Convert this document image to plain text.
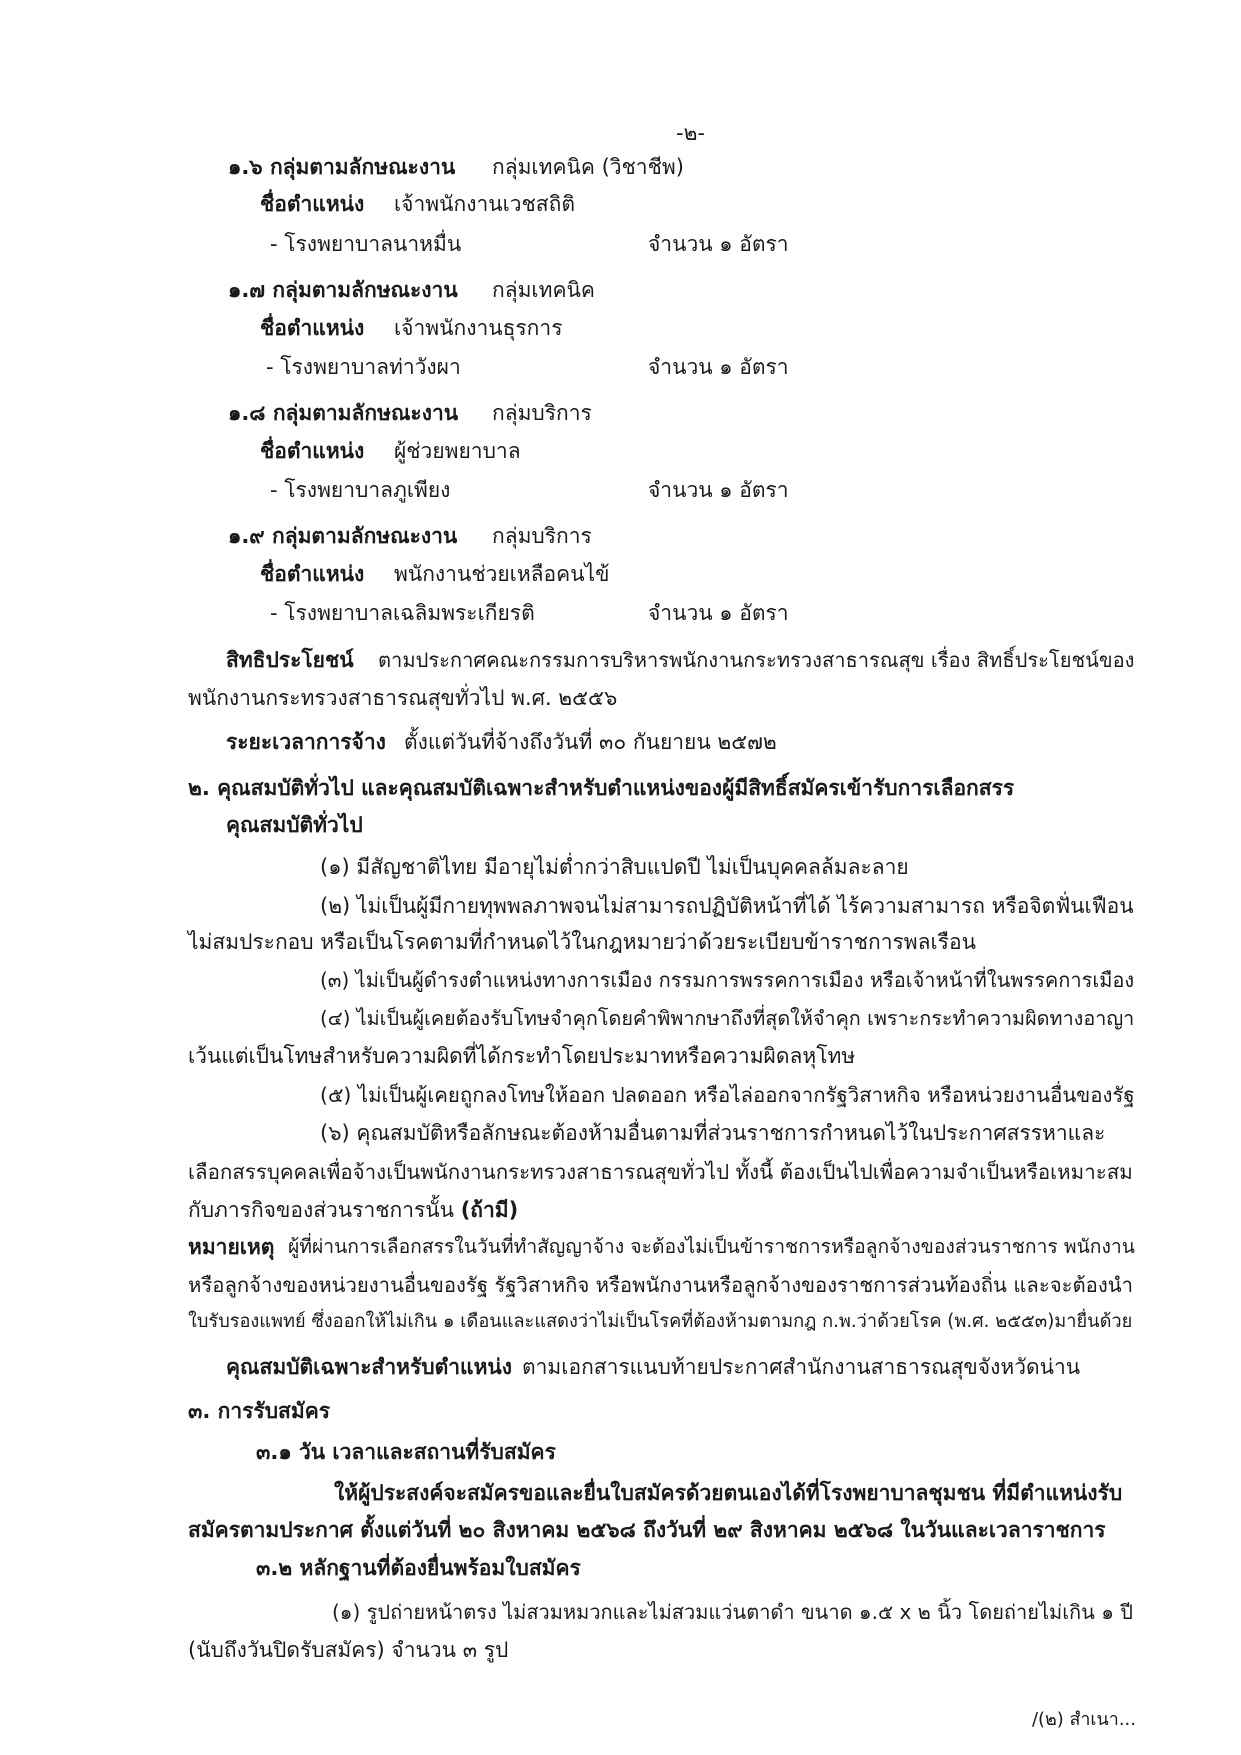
-๒-
๑.๖ กลุ่มตามลักษณะงาน กลุ่มเทคนิค (วิชาชีพ)
ชื่อตำแหน่ง เจ้าพนักงานเวชสถิติ
- โรงพยาบาลนาหมื่น	จำนวน ๑ อัตรา
๑.๗ กลุ่มตามลักษณะงาน กลุ่มเทคนิค
ชื่อตำแหน่ง เจ้าพนักงานธุรการ
- โรงพยาบาลท่าวังผา	จำนวน ๑ อัตรา
๑.๘ กลุ่มตามลักษณะงาน กลุ่มบริการ
ชื่อตำแหน่ง ผู้ช่วยพยาบาล
- โรงพยาบาลภูเพียง	จำนวน ๑ อัตรา
๑.๙ กลุ่มตามลักษณะงาน กลุ่มบริการ
ชื่อตำแหน่ง พนักงานช่วยเหลือคนไข้
- โรงพยาบาลเฉลิมพระเกียรติ	จำนวน ๑ อัตรา
สิทธิประโยชน์ ตามประกาศคณะกรรมการบริหารพนักงานกระทรวงสาธารณสุข เรื่อง สิทธิ์ประโยชน์ของ
พนักงานกระทรวงสาธารณสุขทั่วไป พ.ศ. ๒๕๕๖
ระยะเวลาการจ้าง ตั้งแต่วันที่จ้างถึงวันที่ ๓๐ กันยายน ๒๕๗๒
๒. คุณสมบัติทั่วไป และคุณสมบัติเฉพาะสำหรับตำแหน่งของผู้มีสิทธิ์สมัครเข้ารับการเลือกสรร
คุณสมบัติทั่วไป
(๑) มีสัญชาติไทย มีอายุไม่ต่ำกว่าสิบแปดปี ไม่เป็นบุคคลล้มละลาย
(๒) ไม่เป็นผู้มีกายทุพพลภาพจนไม่สามารถปฏิบัติหน้าที่ได้ ไร้ความสามารถ หรือจิตฟั่นเฟือน
ไม่สมประกอบ หรือเป็นโรคตามที่กำหนดไว้ในกฎหมายว่าด้วยระเบียบข้าราชการพลเรือน
(๓) ไม่เป็นผู้ดำรงตำแหน่งทางการเมือง กรรมการพรรคการเมือง หรือเจ้าหน้าที่ในพรรคการเมือง
(๔) ไม่เป็นผู้เคยต้องรับโทษจำคุกโดยคำพิพากษาถึงที่สุดให้จำคุก เพราะกระทำความผิดทางอาญา
เว้นแต่เป็นโทษสำหรับความผิดที่ได้กระทำโดยประมาทหรือความผิดลหุโทษ
(๕) ไม่เป็นผู้เคยถูกลงโทษให้ออก ปลดออก หรือไล่ออกจากรัฐวิสาหกิจ หรือหน่วยงานอื่นของรัฐ
(๖) คุณสมบัติหรือลักษณะต้องห้ามอื่นตามที่ส่วนราชการกำหนดไว้ในประกาศสรรหาและ
เลือกสรรบุคคลเพื่อจ้างเป็นพนักงานกระทรวงสาธารณสุขทั่วไป ทั้งนี้ ต้องเป็นไปเพื่อความจำเป็นหรือเหมาะสม
กับภารกิจของส่วนราชการนั้น (ถ้ามี)
หมายเหตุ ผู้ที่ผ่านการเลือกสรรในวันที่ทำสัญญาจ้าง จะต้องไม่เป็นข้าราชการหรือลูกจ้างของส่วนราชการ พนักงาน
หรือลูกจ้างของหน่วยงานอื่นของรัฐ รัฐวิสาหกิจ หรือพนักงานหรือลูกจ้างของราชการส่วนท้องถิ่น และจะต้องนำ
ใบรับรองแพทย์ ซึ่งออกให้ไม่เกิน ๑ เดือนและแสดงว่าไม่เป็นโรคที่ต้องห้ามตามกฎ ก.พ.ว่าด้วยโรค (พ.ศ. ๒๕๕๓)มายื่นด้วย
คุณสมบัติเฉพาะสำหรับตำแหน่ง ตามเอกสารแนบท้ายประกาศสำนักงานสาธารณสุขจังหวัดน่าน
๓. การรับสมัคร
๓.๑ วัน เวลาและสถานที่รับสมัคร
ให้ผู้ประสงค์จะสมัครขอและยื่นใบสมัครด้วยตนเองได้ที่โรงพยาบาลชุมชน ที่มีตำแหน่งรับ
สมัครตามประกาศ ตั้งแต่วันที่ ๒๐ สิงหาคม ๒๕๖๘ ถึงวันที่ ๒๙ สิงหาคม ๒๕๖๘ ในวันและเวลาราชการ
๓.๒ หลักฐานที่ต้องยื่นพร้อมใบสมัคร
(๑) รูปถ่ายหน้าตรง ไม่สวมหมวกและไม่สวมแว่นตาดำ ขนาด ๑.๕ x ๒ นิ้ว โดยถ่ายไม่เกิน ๑ ปี
(นับถึงวันปิดรับสมัคร) จำนวน ๓ รูป
/(๒) สำเนา...
